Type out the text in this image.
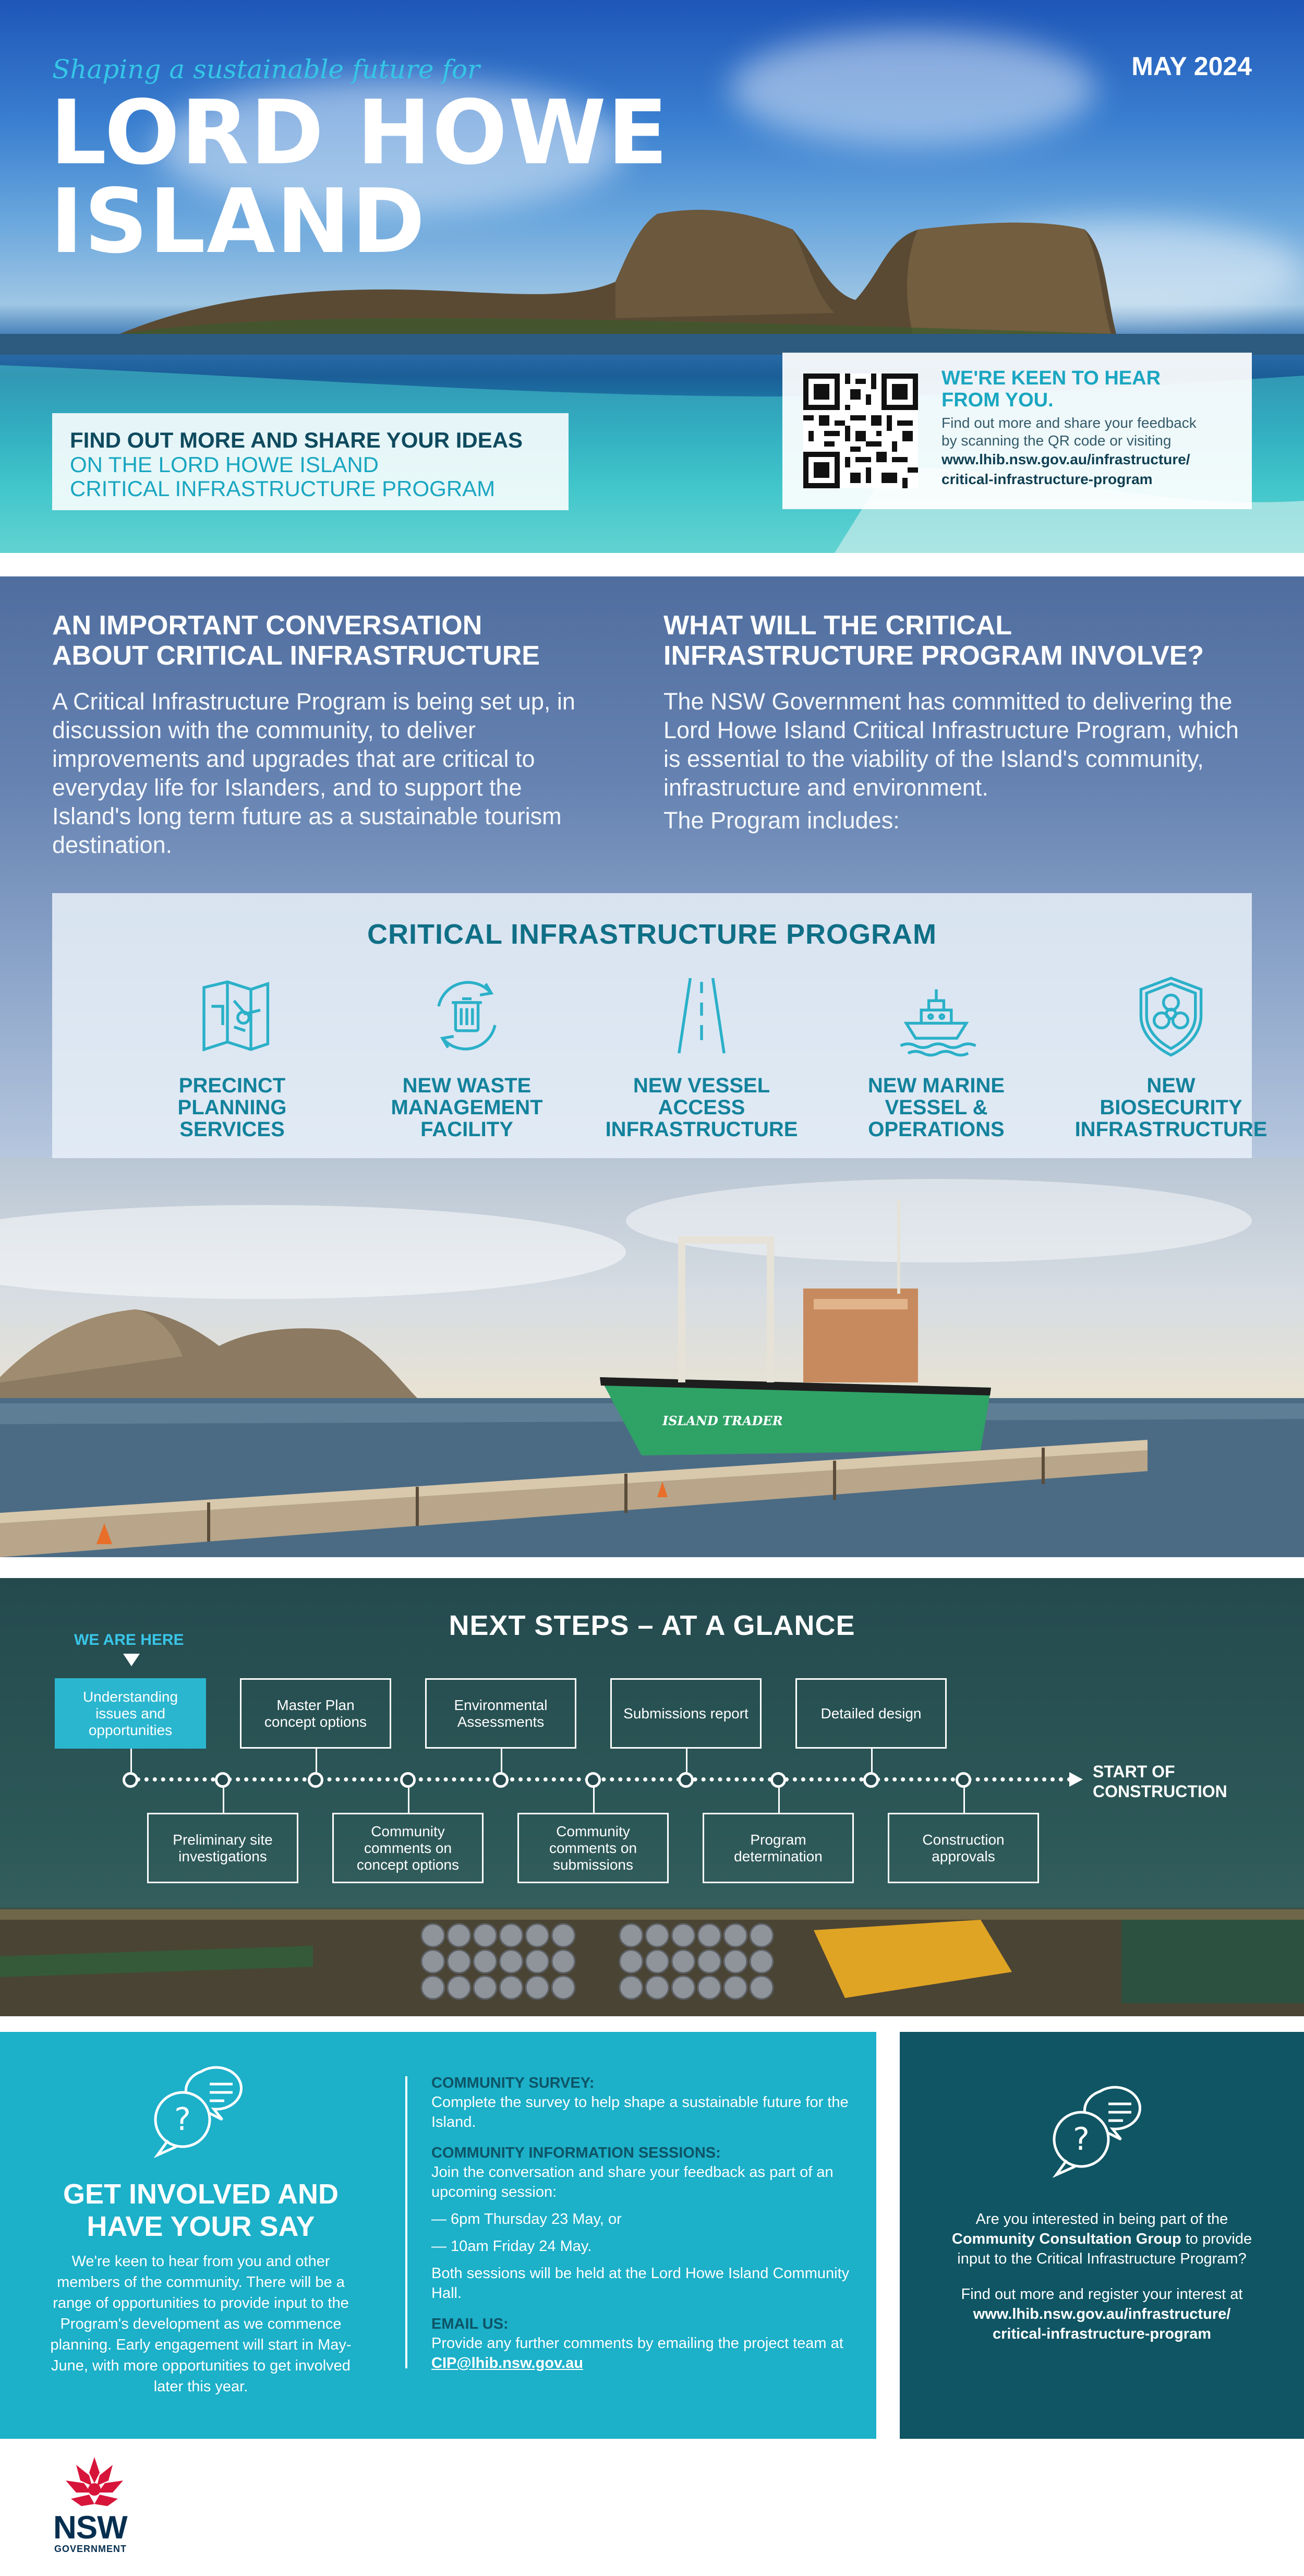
Shaping a sustainable future for
LORD HOWE
ISLAND
MAY 2024
FIND OUT MORE AND SHARE YOUR IDEAS
ON THE LORD HOWE ISLAND
CRITICAL INFRASTRUCTURE PROGRAM
WE'RE KEEN TO HEAR
FROM YOU.
Find out more and share your feedback
by scanning the QR code or visiting
www.lhib.nsw.gov.au/infrastructure/
critical-infrastructure-program
AN IMPORTANT CONVERSATION
ABOUT CRITICAL INFRASTRUCTURE

A Critical Infrastructure Program is being set up, in discussion with the community, to deliver improvements and upgrades that are critical to everyday life for Islanders, and to support the Island's long term future as a sustainable tourism destination.

WHAT WILL THE CRITICAL
INFRASTRUCTURE PROGRAM INVOLVE?

The NSW Government has committed to delivering the Lord Howe Island Critical Infrastructure Program, which is essential to the viability of the Island's community, infrastructure and environment.

The Program includes:

CRITICAL INFRASTRUCTURE PROGRAM
PRECINCT
PLANNING
SERVICES
NEW WASTE
MANAGEMENT
FACILITY
NEW VESSEL
ACCESS
INFRASTRUCTURE
NEW MARINE
VESSEL &
OPERATIONS
NEW
BIOSECURITY
INFRASTRUCTURE
ISLAND TRADER
NEXT STEPS – AT A GLANCE
WE ARE HERE
Understanding
issues and
opportunities
Master Plan
concept options
Environmental
Assessments
Submissions report	Detailed design
START OF
CONSTRUCTION
Preliminary site
investigations
Community
comments on
concept options
Community
comments on
submissions
Program
determination
Construction
approvals
?
GET INVOLVED AND
HAVE YOUR SAY
We're keen to hear from you and other members of the community. There will be a range of opportunities to provide input to the Program's development as we commence planning. Early engagement will start in May-June, with more opportunities to get involved later this year.
COMMUNITY SURVEY:
Complete the survey to help shape a sustainable future for the Island.
COMMUNITY INFORMATION SESSIONS:
Join the conversation and share your feedback as part of an upcoming session:
— 6pm Thursday 23 May, or
— 10am Friday 24 May.
Both sessions will be held at the Lord Howe Island Community Hall.
EMAIL US:
Provide any further comments by emailing the project team at CIP@lhib.nsw.gov.au
?
Are you interested in being part of the Community Consultation Group to provide input to the Critical Infrastructure Program?
Find out more and register your interest at
www.lhib.nsw.gov.au/infrastructure/
critical-infrastructure-program
NSW
GOVERNMENT
